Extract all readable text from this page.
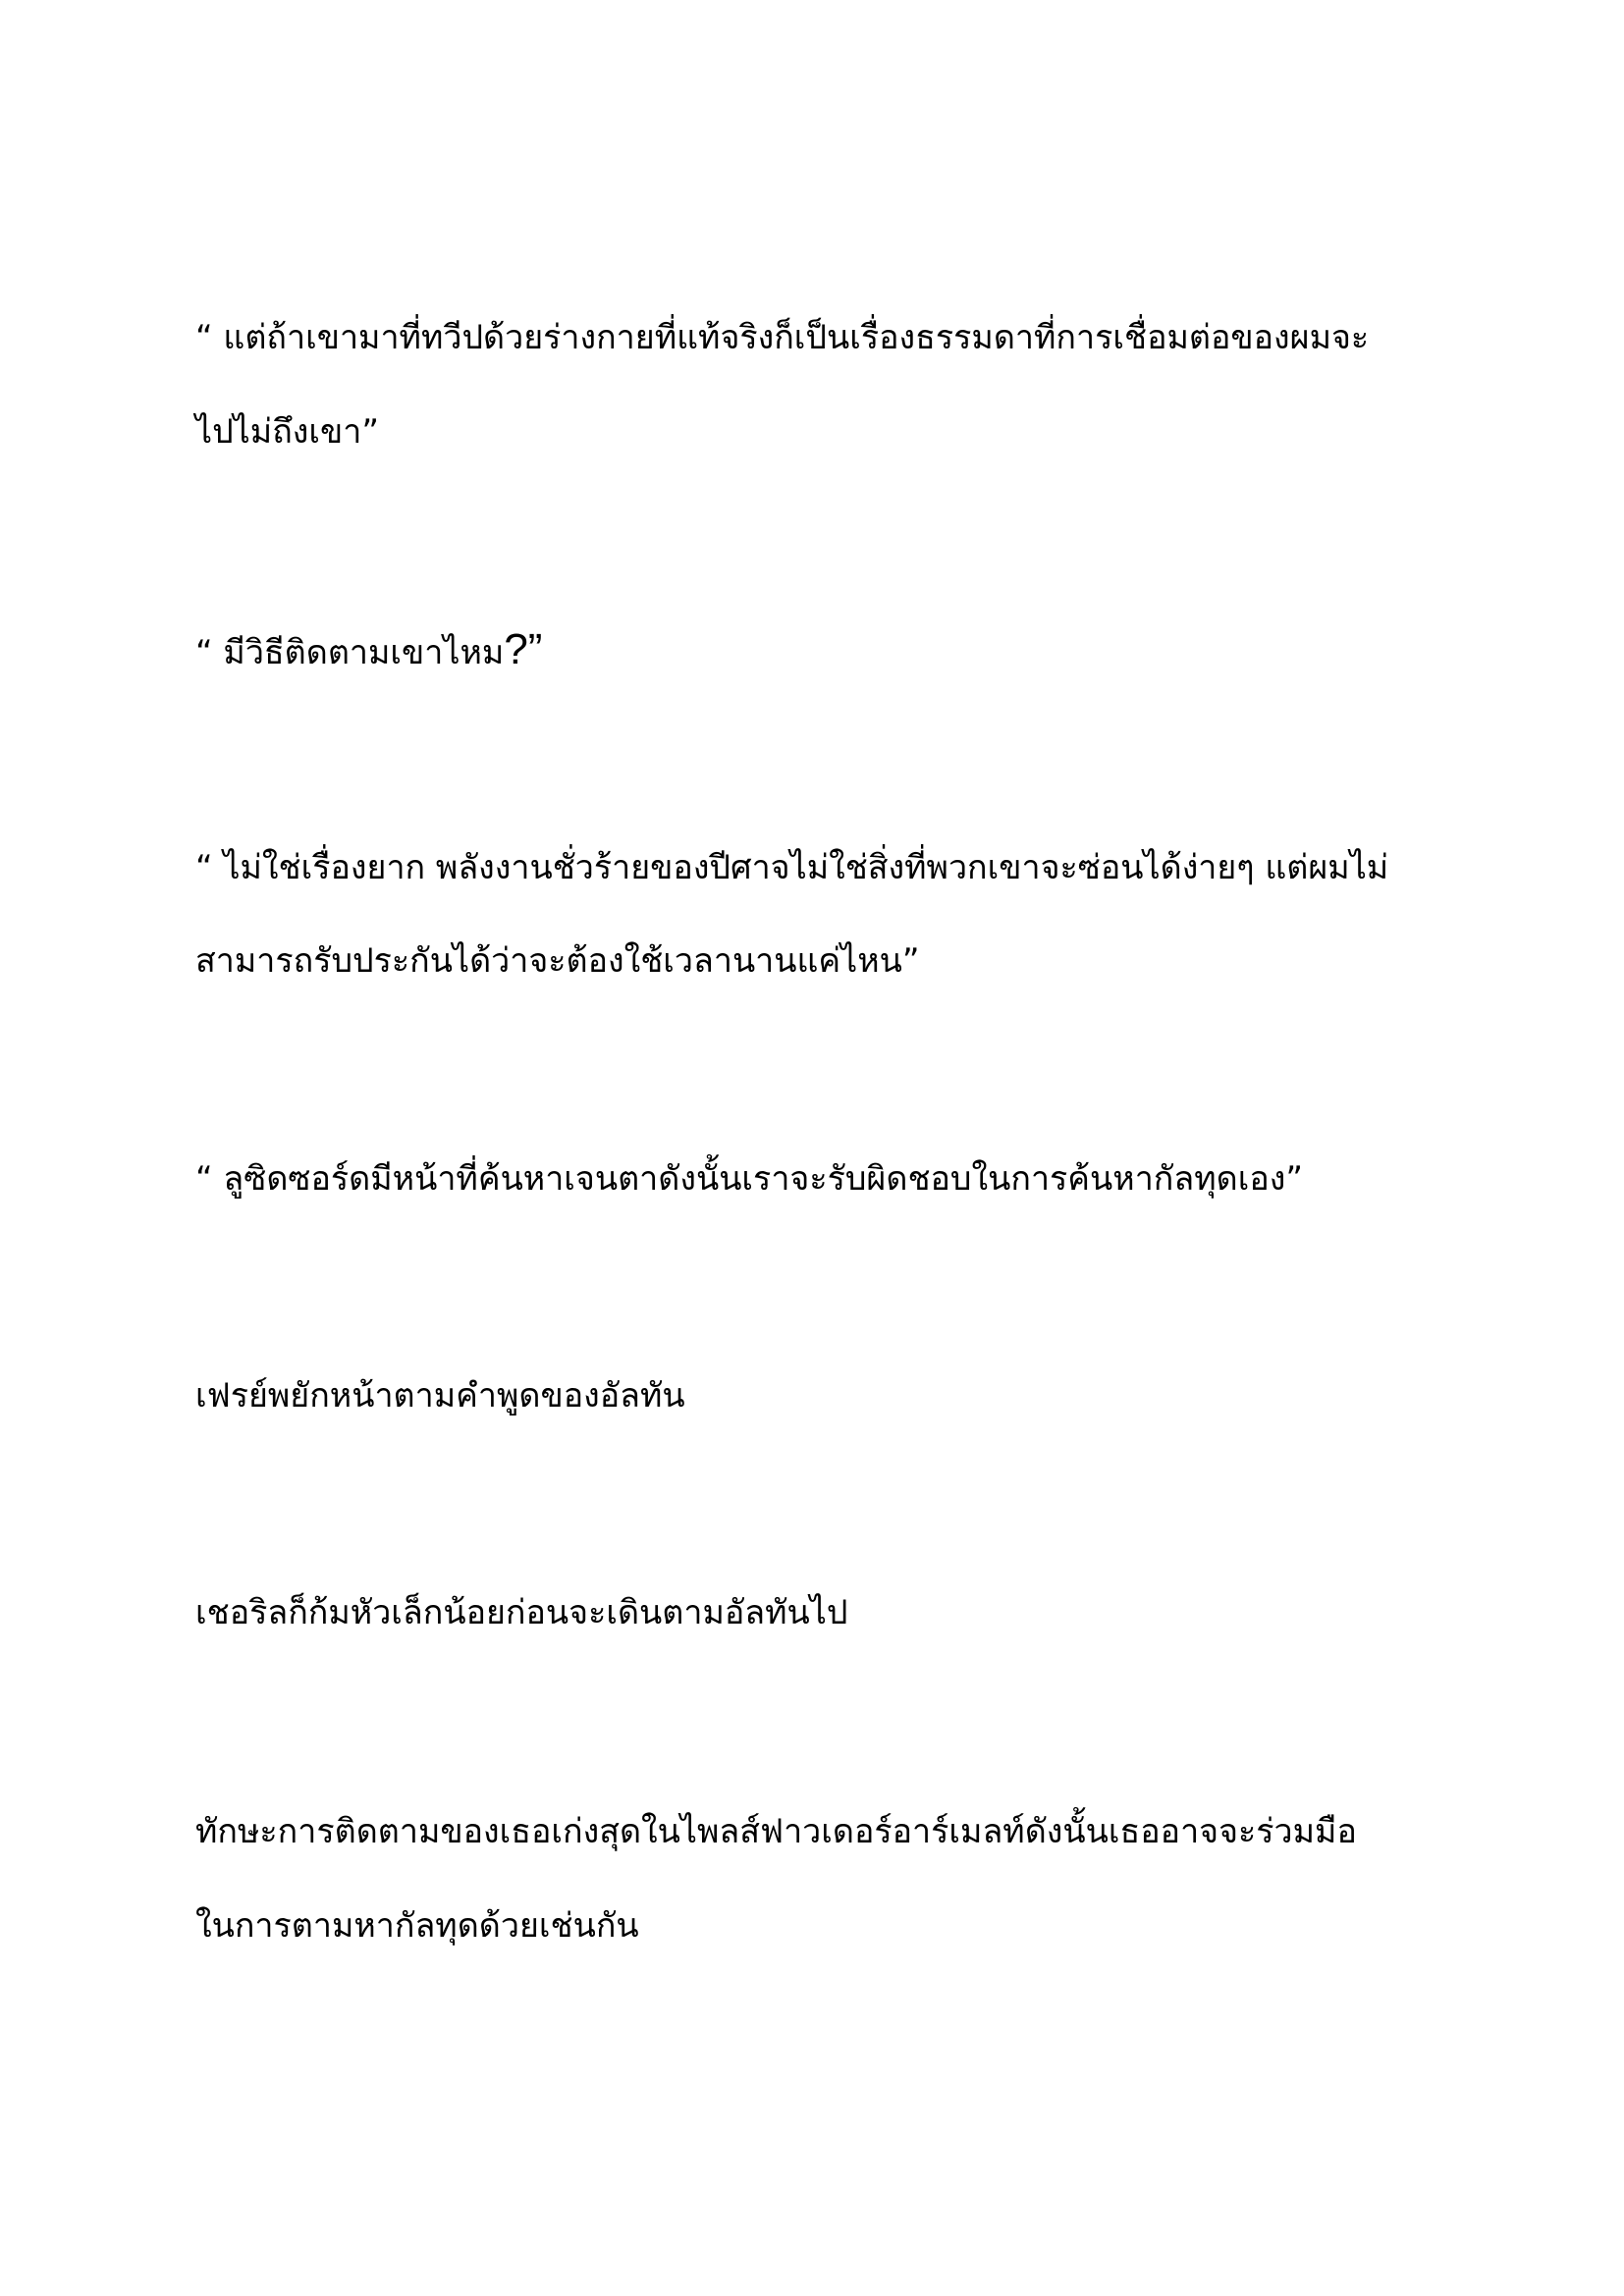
“ แต่ถ้าเขามาที่ทวีปด้วยร่างกายที่แท้จริงก็เป็นเรื่องธรรมดาที่การเชื่อมต่อของผมจะ

ไปไม่ถึงเขา”

“ มีวิธีติดตามเขาไหม?”

“ ไม่ใช่เรื่องยาก พลังงานชั่วร้ายของปีศาจไม่ใช่สิ่งที่พวกเขาจะซ่อนได้ง่ายๆ แต่ผมไม่

สามารถรับประกันได้ว่าจะต้องใช้เวลานานแค่ไหน”

“ ลูซิดซอร์ดมีหน้าที่ค้นหาเจนตาดังนั้นเราจะรับผิดชอบในการค้นหากัลทุดเอง”

เฟรย์พยักหน้าตามคำพูดของอัลทัน

เชอริลก็ก้มหัวเล็กน้อยก่อนจะเดินตามอัลทันไป

ทักษะการติดตามของเธอเก่งสุดในไพลส์ฟาวเดอร์อาร์เมลท์ดังนั้นเธออาจจะร่วมมือ

ในการตามหากัลทุดด้วยเช่นกัน
